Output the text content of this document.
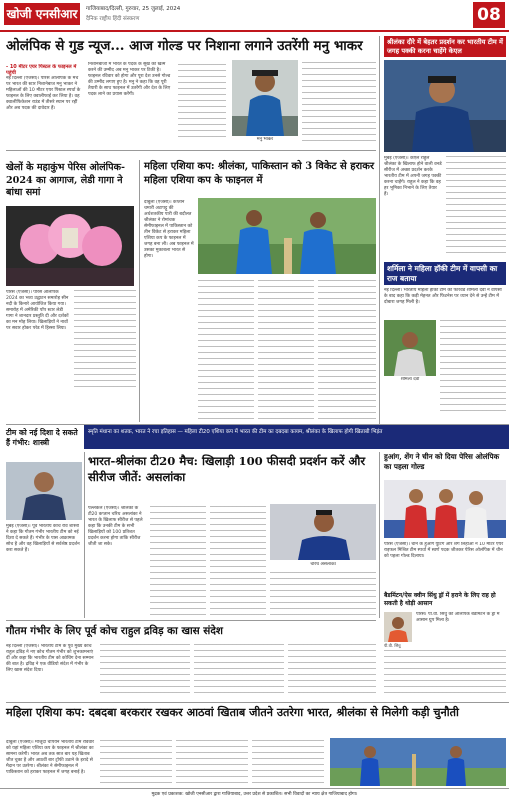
खोजी एनसीआर	गाजियाबाद/दिल्ली, गुरुवार, 25 जुलाई, 2024
दैनिक राष्ट्रीय हिंदी संस्करण	08
ओलंपिक से गुड न्यूज... आज गोल्ड पर निशाना लगाने उतरेंगी मनु भाकर
- 10 मीटर एयर पिस्टल के फाइनल में पहुंची
नई दिल्ली (एजेंसी)। पेरिस ओलंपिक के मंच पर भारत की स्टार निशानेबाज मनु भाकर ने महिलाओं की 10 मीटर एयर पिस्टल स्पर्धा के फाइनल के लिए क्वालीफाई कर लिया है। वह क्वालीफिकेशन राउंड में तीसरे स्थान पर रहीं और अब पदक की दावेदार हैं।
निशानेबाजी में भारत के पदक के सूखे को खत्म करने की उम्मीद अब मनु भाकर पर टिकी है। फाइनल रविवार को होगा और पूरा देश उनसे गोल्ड की उम्मीद लगाए हुए है। मनु ने कहा कि वह पूरी तैयारी के साथ फाइनल में उतरेंगी और देश के लिए पदक लाने का प्रयास करेंगी।
मनु भाकर
श्रीलंका दौरे में बेहतर प्रदर्शन कर भारतीय टीम में जगह पक्की करना चाहेंगे केएल
मुंबई (एजेंसी)। केएल राहुल श्रीलंका के खिलाफ होने वाली वनडे सीरीज में अच्छा प्रदर्शन करके भारतीय टीम में अपनी जगह पक्की करना चाहेंगे। राहुल ने कहा कि वह हर भूमिका निभाने के लिए तैयार हैं।
शर्मिला ने महिला हॉकी टीम में वापसी का राज बताया
नई दिल्ली। भारतीय महिला हॉकी टीम की फॉरवर्ड शर्मिला देवी ने वापसी के बाद कहा कि कड़ी मेहनत और फिटनेस पर ध्यान देने से उन्हें टीम में दोबारा जगह मिली है।
शर्मिला देवी
खेलों के महाकुंभ पेरिस ओलंपिक- 2024 का आगाज, लेडी गागा ने बांधा समां
पेरिस (एजेंसी)। पेरिस ओलंपिक 2024 का भव्य उद्घाटन समारोह सीन नदी के किनारे आयोजित किया गया। समारोह में अमेरिकी पॉप स्टार लेडी गागा ने शानदार प्रस्तुति दी और दर्शकों का मन मोह लिया। खिलाड़ियों ने नावों पर सवार होकर परेड में हिस्सा लिया।
महिला एशिया कप: श्रीलंका, पाकिस्तान को 3 विकेट से हराकर महिला एशिया कप के फाइनल में
दांबुला (एजेंसी)। कप्तान चमारी अटापट्टू की अर्धशतकीय पारी की बदौलत श्रीलंका ने रोमांचक सेमीफाइनल में पाकिस्तान को तीन विकेट से हराकर महिला एशिया कप के फाइनल में जगह बना ली। अब फाइनल में उसका मुकाबला भारत से होगा।
स्मृति मंधाना का शतक, भारत ने रचा इतिहास — महिला टी20 एशिया कप में भारत की टीम का दबदबा कायम, श्रीलंका के खिलाफ होगी खिताबी भिड़ंत
टीम को नई दिशा दे सकते हैं गंभीर: शास्त्री
मुंबई (एजेंसी)। पूर्व भारतीय कोच रवि शास्त्री ने कहा कि गौतम गंभीर भारतीय टीम को नई दिशा दे सकते हैं। गंभीर के पास आक्रामक सोच है और वह खिलाड़ियों से सर्वश्रेष्ठ प्रदर्शन करा सकते हैं।
भारत-श्रीलंका टी20 मैच: खिलाड़ी 100 फीसदी प्रदर्शन करें और सीरीज जीतें: असलांका
पल्लेकेले (एजेंसी)। श्रीलंका के टी20 कप्तान चरिथ असलांका ने भारत के खिलाफ सीरीज से पहले कहा कि उनकी टीम के सभी खिलाड़ियों को 100 प्रतिशत प्रदर्शन करना होगा ताकि सीरीज जीती जा सके।
चरिथ असलांका
हुआंग, शेंग ने चीन को दिया पेरिस ओलंपिक का पहला गोल्ड
पेरिस (एजेंसी)। चीन के हुआंग युटिंग और शेंग लिहाओ ने 10 मीटर एयर राइफल मिश्रित टीम स्पर्धा में स्वर्ण पदक जीतकर पेरिस ओलंपिक में चीन को पहला गोल्ड दिलाया।
गौतम गंभीर के लिए पूर्व कोच राहुल द्रविड़ का खास संदेश
नई दिल्ली (एजेंसी)। भारतीय टीम के पूर्व मुख्य कोच राहुल द्रविड़ ने नए कोच गौतम गंभीर को शुभकामनाएं दीं और कहा कि भारतीय टीम को कोचिंग देना सम्मान की बात है। द्रविड़ ने एक वीडियो संदेश में गंभीर के लिए खास संदेश दिया।
बैडमिंटन/ऐस क्वीन सिंधु ड्रॉ में हराने के लिए राह हो सकती है थोड़ी आसान
पी.वी. सिंधु
पेरिस। पी.वी. सिंधु को ओलंपिक बैडमिंटन के ड्रॉ में आसान ग्रुप मिला है।
महिला एशिया कप: दबदबा बरकरार रखकर आठवां खिताब जीतने उतरेगा भारत, श्रीलंका से मिलेगी कड़ी चुनौती
दांबुला (एजेंसी)। मौजूदा चैंपियन भारतीय टीम रविवार को यहां महिला एशिया कप के फाइनल में श्रीलंका का सामना करेगी। भारत अब तक सात बार यह खिताब जीत चुका है और आठवीं बार ट्रॉफी उठाने के इरादे से मैदान पर उतरेगा। श्रीलंका ने सेमीफाइनल में पाकिस्तान को हराकर फाइनल में जगह बनाई है।
मुद्रक एवं प्रकाशक: खोजी एनसीआर द्वारा गाजियाबाद, उत्तर प्रदेश से प्रकाशित। सभी विवादों का न्याय क्षेत्र गाजियाबाद होगा।
